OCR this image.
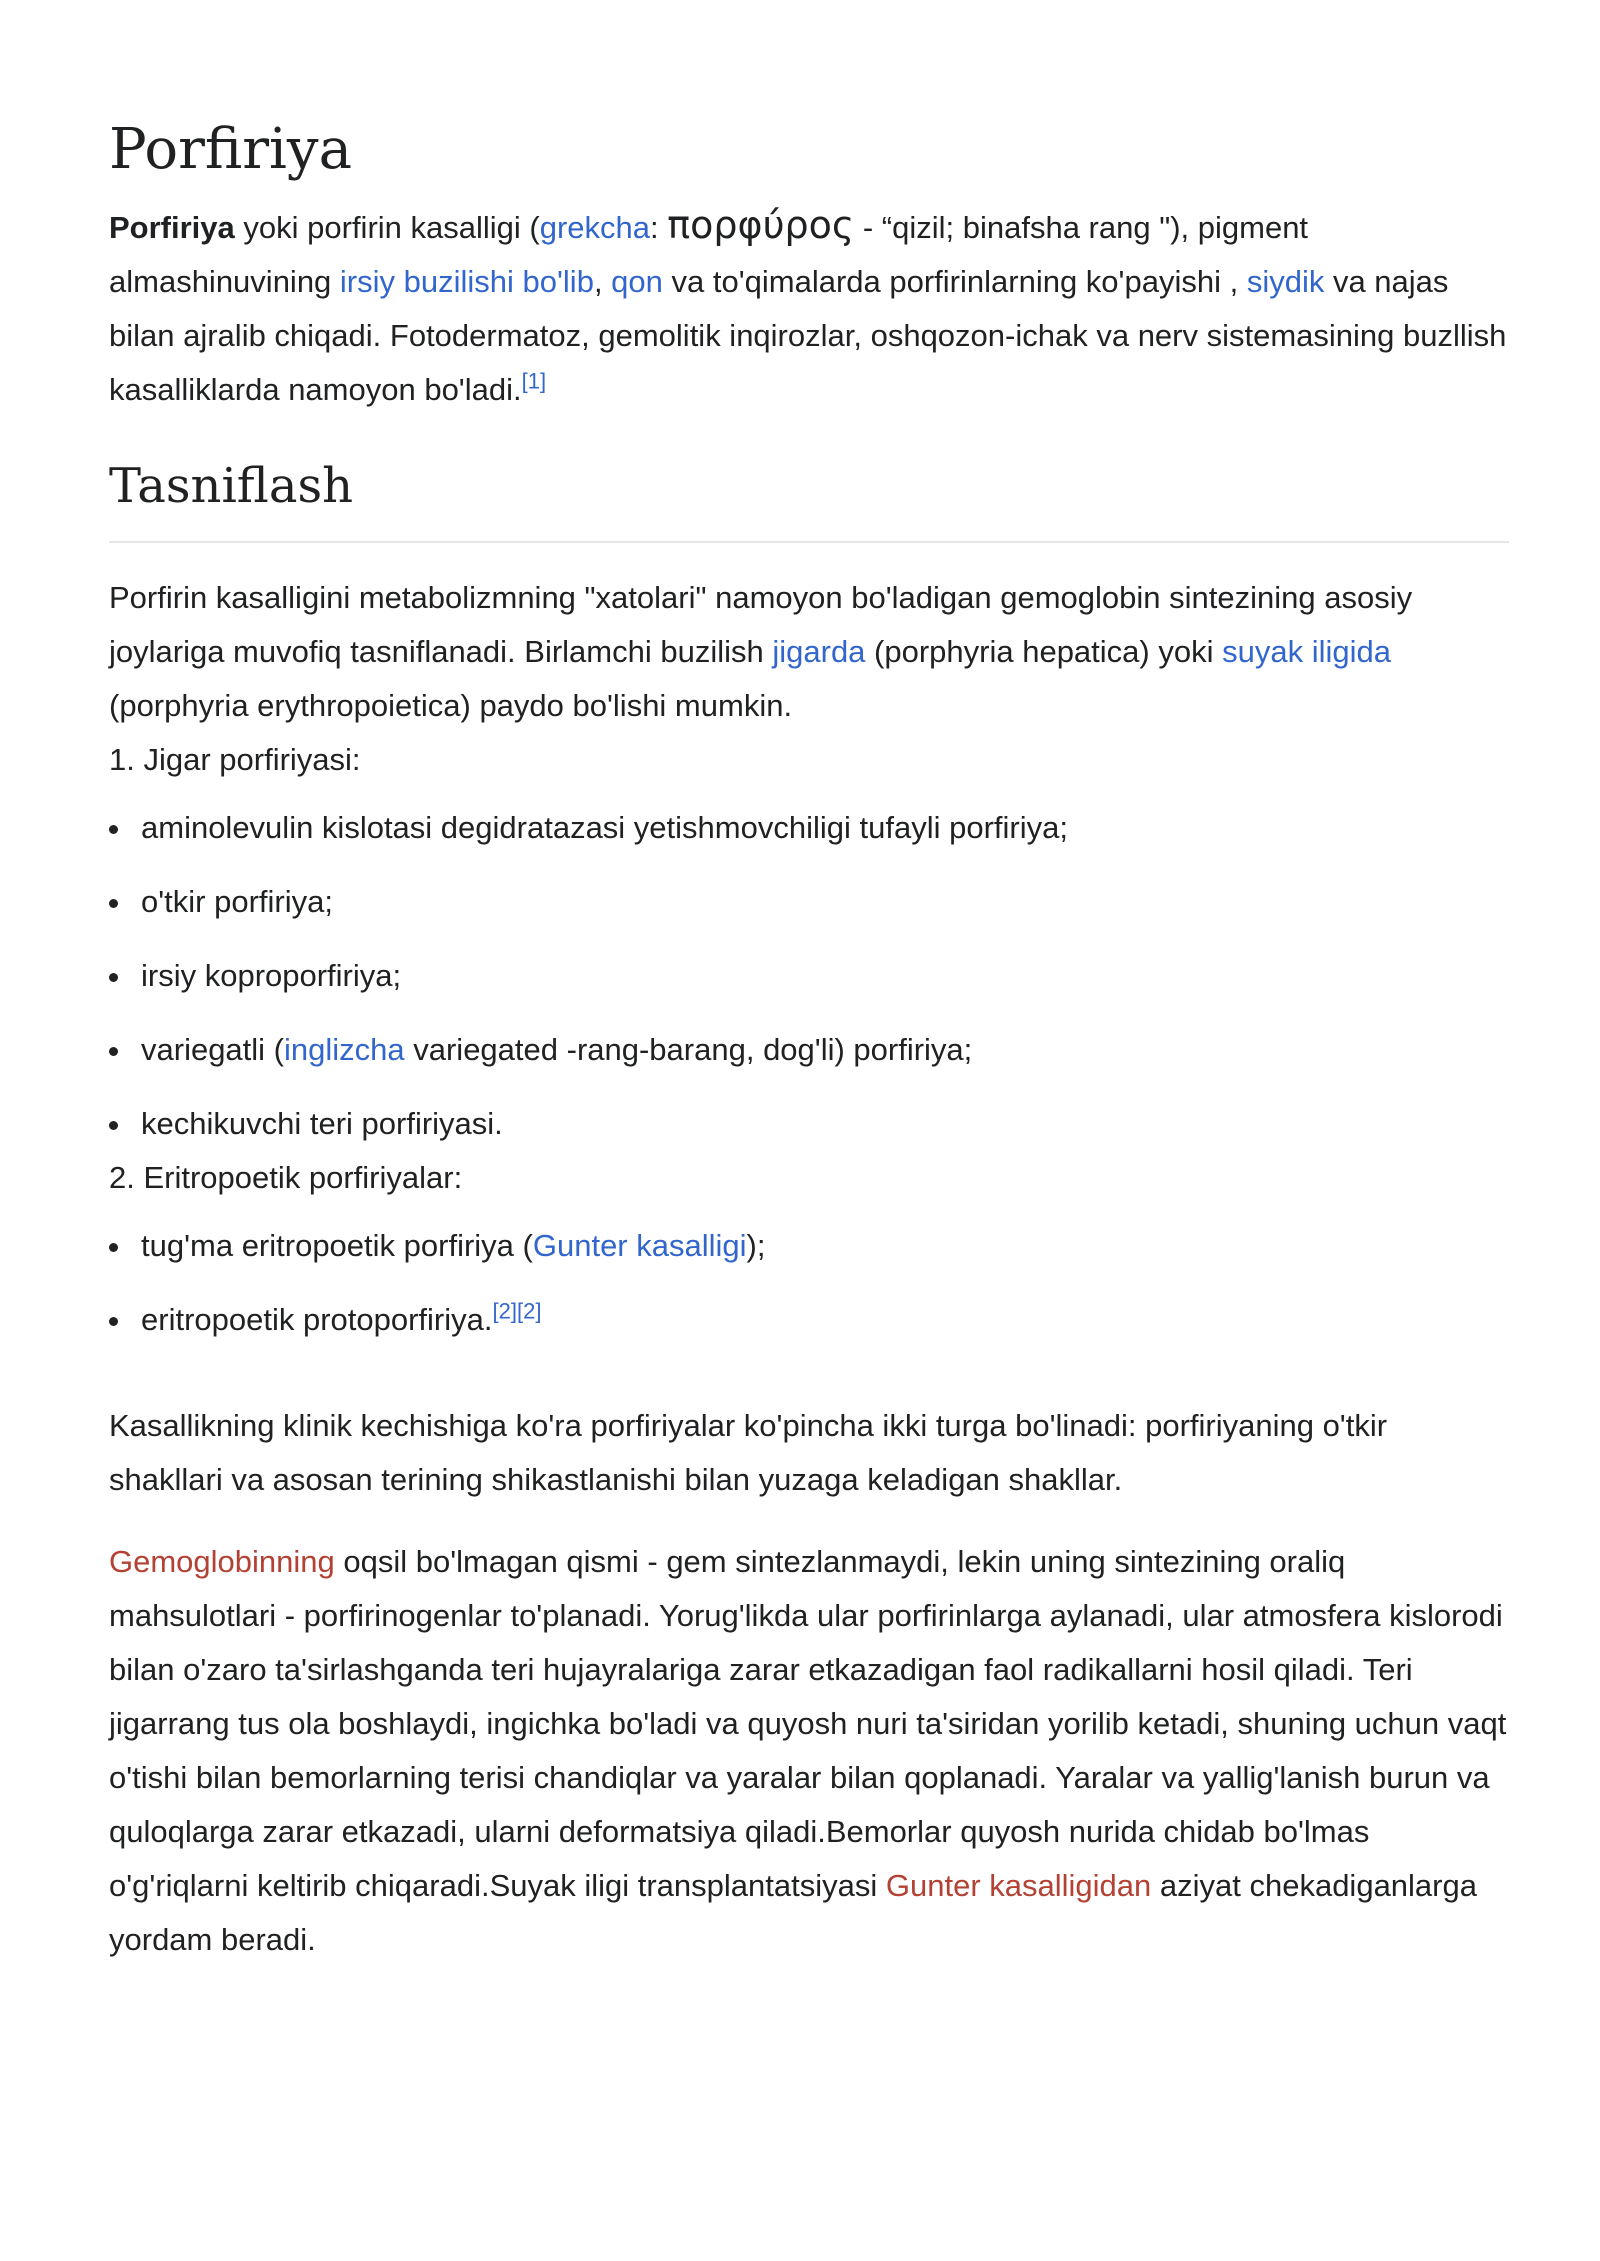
Porfiriya

Porfiriya yoki porfirin kasalligi (grekcha: πορφύρος - “qizil; binafsha rang "), pigment almashinuvining irsiy buzilishi bo'lib, qon va to'qimalarda porfirinlarning ko'payishi , siydik va najas bilan ajralib chiqadi. Fotodermatoz, gemolitik inqirozlar, oshqozon-ichak va nerv sistemasining buzllish kasalliklarda namoyon bo'ladi.[1]

Tasniflash

Porfirin kasalligini metabolizmning "xatolari" namoyon bo'ladigan gemoglobin sintezining asosiy joylariga muvofiq tasniflanadi. Birlamchi buzilish jigarda (porphyria hepatica) yoki suyak iligida (porphyria erythropoietica) paydo bo'lishi mumkin.

1. Jigar porfiriyasi:

aminolevulin kislotasi degidratazasi yetishmovchiligi tufayli porfiriya;
o'tkir porfiriya;
irsiy koproporfiriya;
variegatli (inglizcha variegated -rang-barang, dog'li) porfiriya;
kechikuvchi teri porfiriyasi.

2. Eritropoetik porfiriyalar:

tug'ma eritropoetik porfiriya (Gunter kasalligi);
eritropoetik protoporfiriya.[2][2]

Kasallikning klinik kechishiga ko'ra porfiriyalar ko'pincha ikki turga bo'linadi: porfiriyaning o'tkir shakllari va asosan terining shikastlanishi bilan yuzaga keladigan shakllar.

Gemoglobinning oqsil bo'lmagan qismi - gem sintezlanmaydi, lekin uning sintezining oraliq mahsulotlari - porfirinogenlar to'planadi. Yorug'likda ular porfirinlarga aylanadi, ular atmosfera kislorodi bilan o'zaro ta'sirlashganda teri hujayralariga zarar etkazadigan faol radikallarni hosil qiladi. Teri jigarrang tus ola boshlaydi, ingichka bo'ladi va quyosh nuri ta'siridan yorilib ketadi, shuning uchun vaqt o'tishi bilan bemorlarning terisi chandiqlar va yaralar bilan qoplanadi. Yaralar va yallig'lanish burun va quloqlarga zarar etkazadi, ularni deformatsiya qiladi.Bemorlar quyosh nurida chidab bo'lmas o'g'riqlarni keltirib chiqaradi.Suyak iligi transplantatsiyasi Gunter kasalligidan aziyat chekadiganlarga yordam beradi.
